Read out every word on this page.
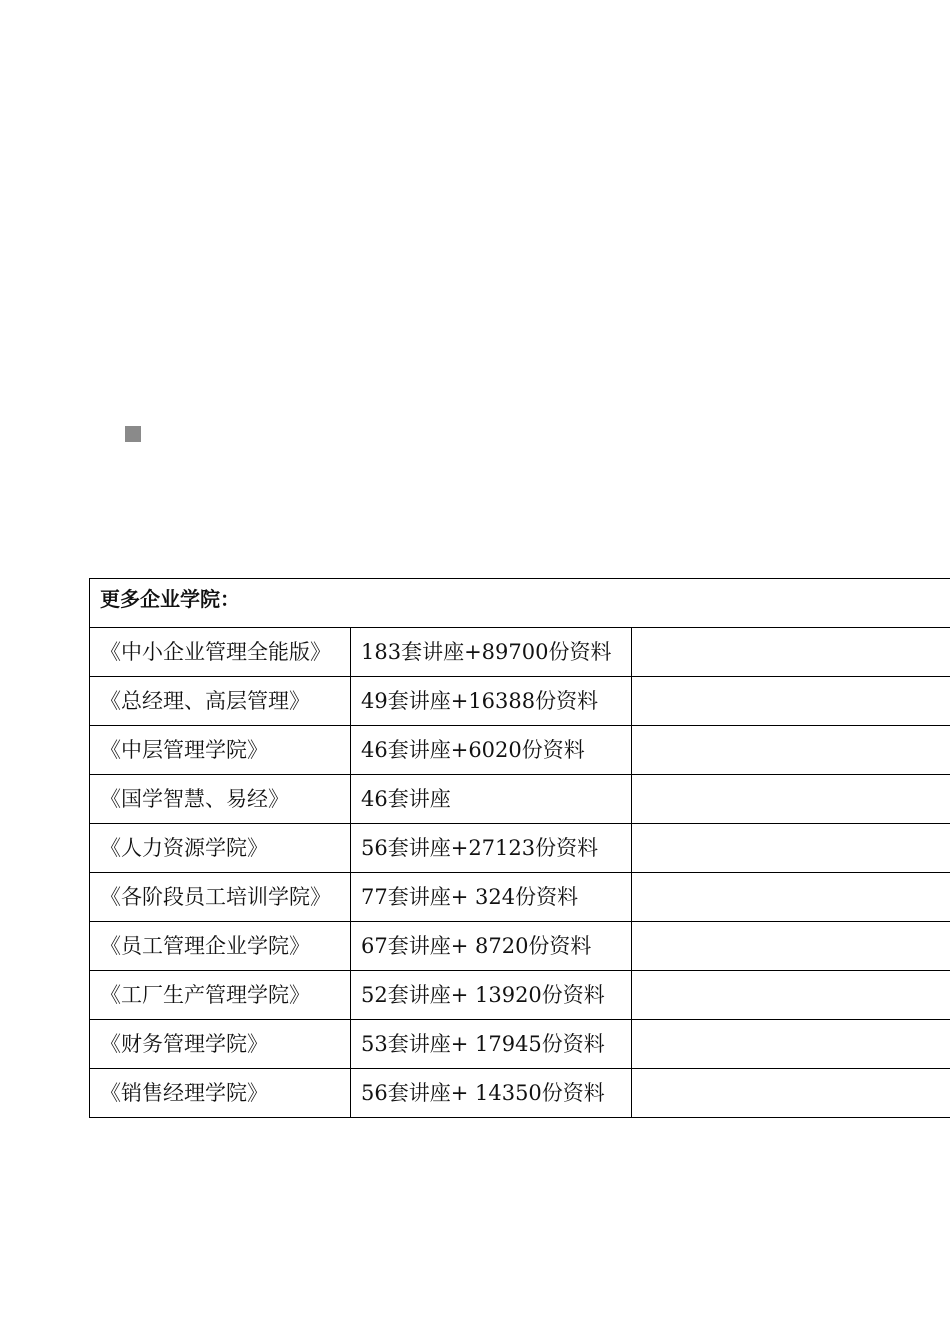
更多企业学院：		
《中小企业管理全能版》	183套讲座+89700份资料	
《总经理、高层管理》	49套讲座+16388份资料	
《中层管理学院》	46套讲座+6020份资料	
《国学智慧、易经》	46套讲座	
《人力资源学院》	56套讲座+27123份资料	
《各阶段员工培训学院》	77套讲座+ 324份资料	
《员工管理企业学院》	67套讲座+ 8720份资料	
《工厂生产管理学院》	52套讲座+ 13920份资料	
《财务管理学院》	53套讲座+ 17945份资料	
《销售经理学院》	56套讲座+ 14350份资料	
